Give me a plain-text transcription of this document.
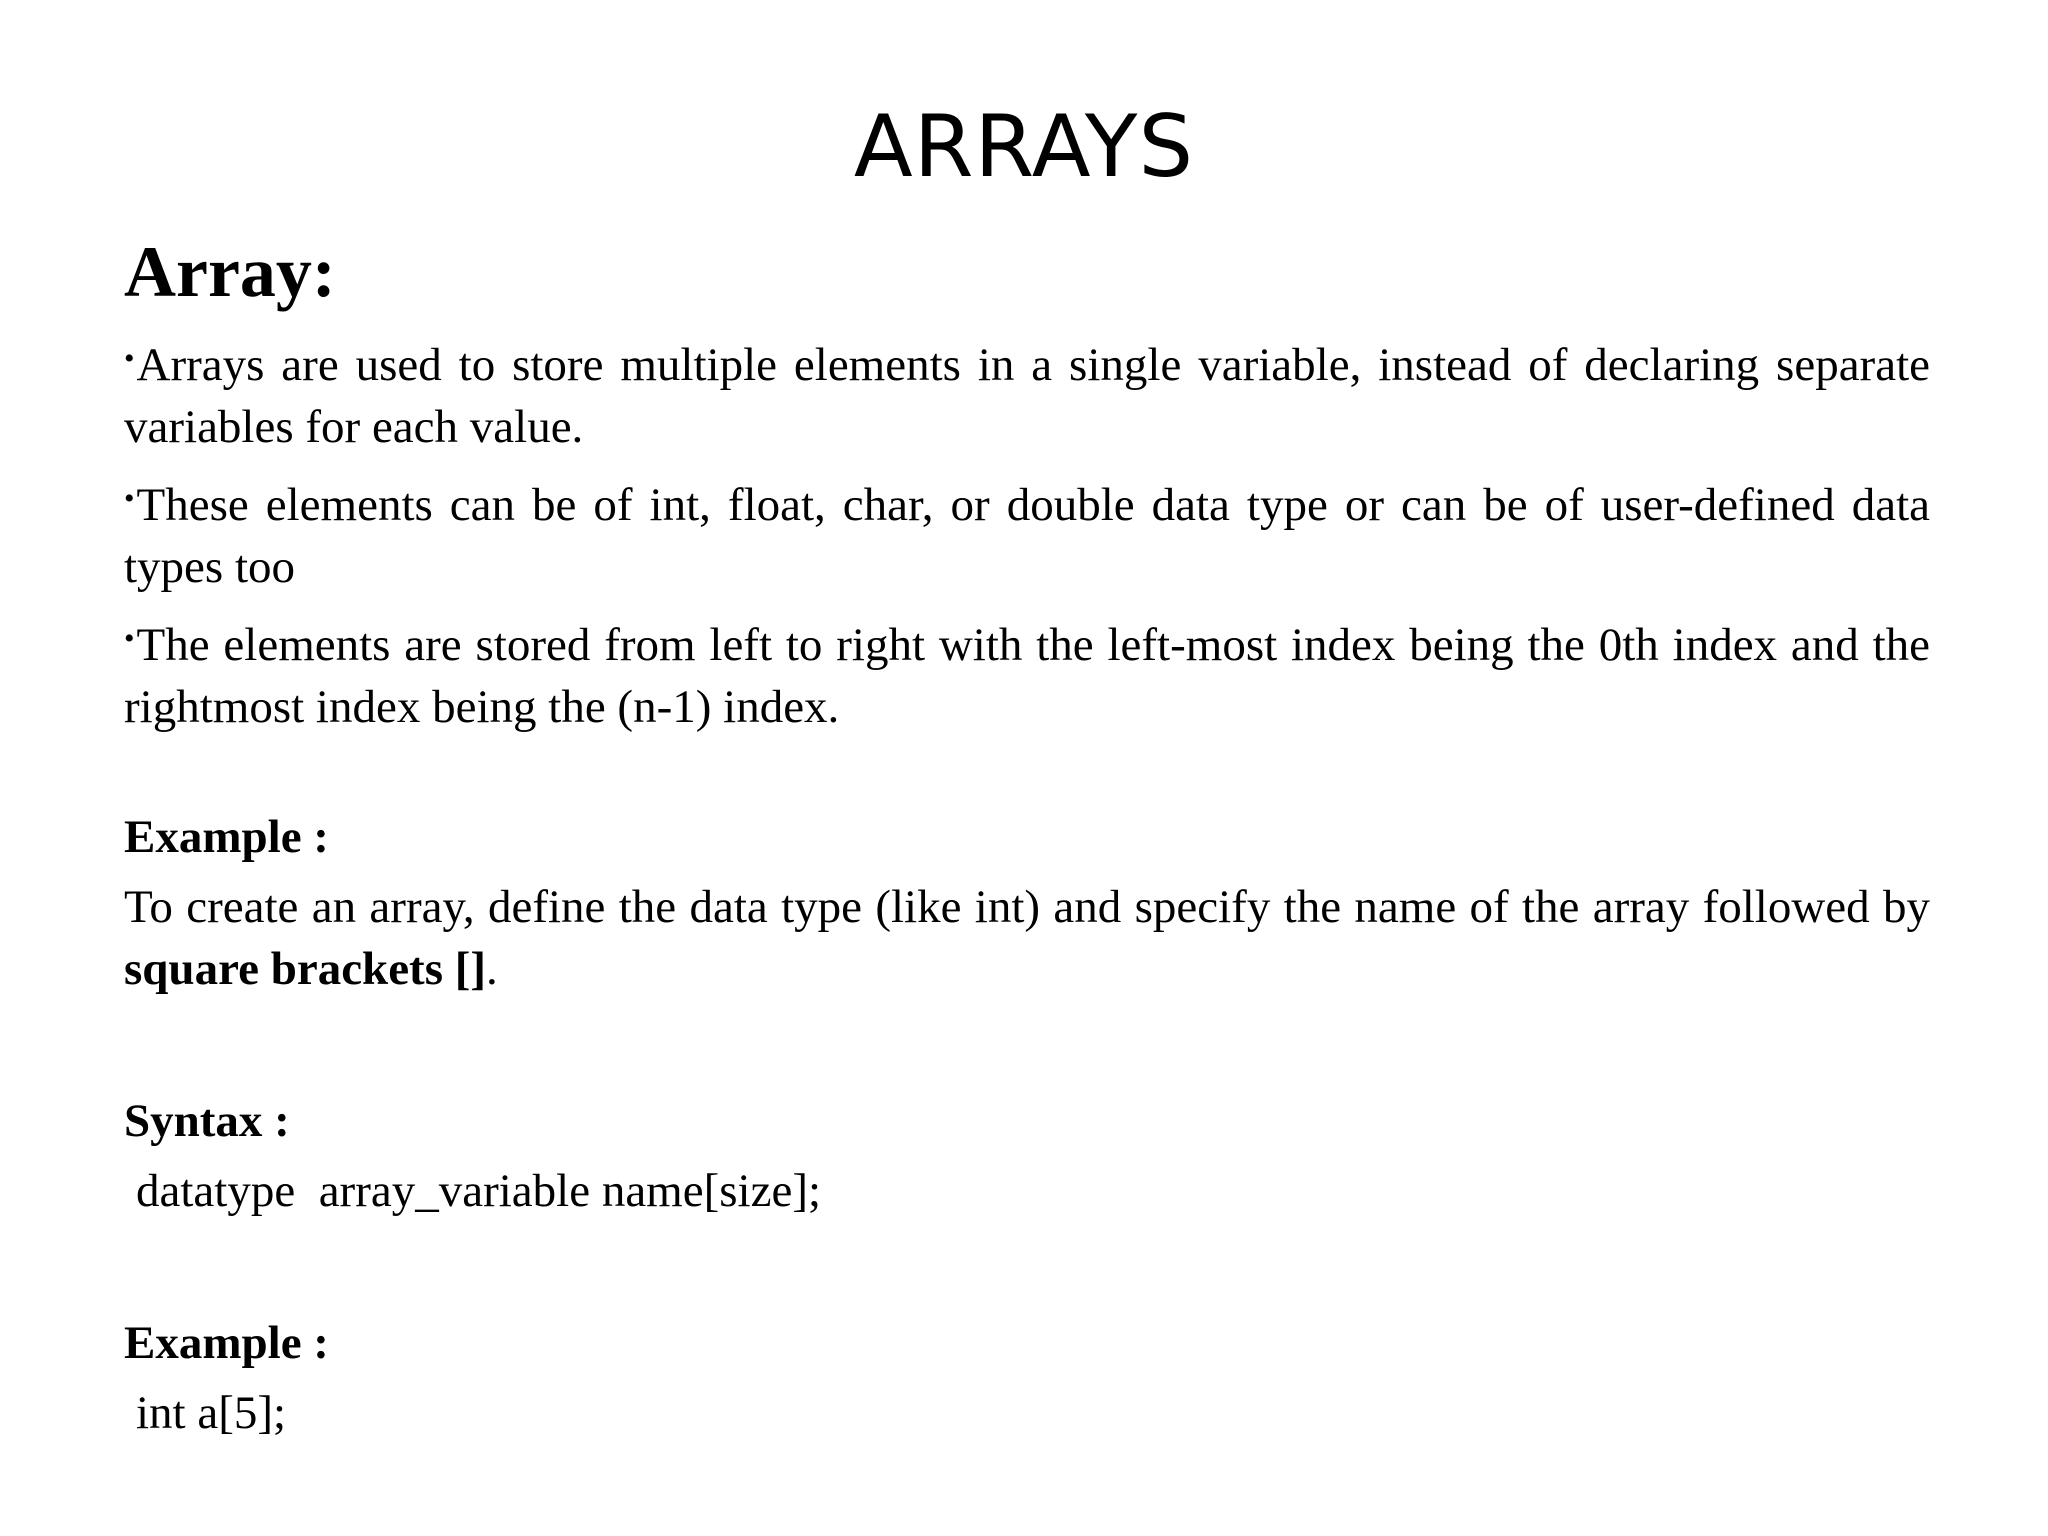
ARRAYS
Array:
•Arrays are used to store multiple elements in a single variable, instead of declaring separate variables for each value.
•These elements can be of int, float, char, or double data type or can be of user-defined data types too
•The elements are stored from left to right with the left-most index being the 0th index and the rightmost index being the (n-1) index.
Example :
To create an array, define the data type (like int) and specify the name of the array followed by square brackets [].
Syntax :
datatype  array_variable name[size];
Example :
int a[5];
